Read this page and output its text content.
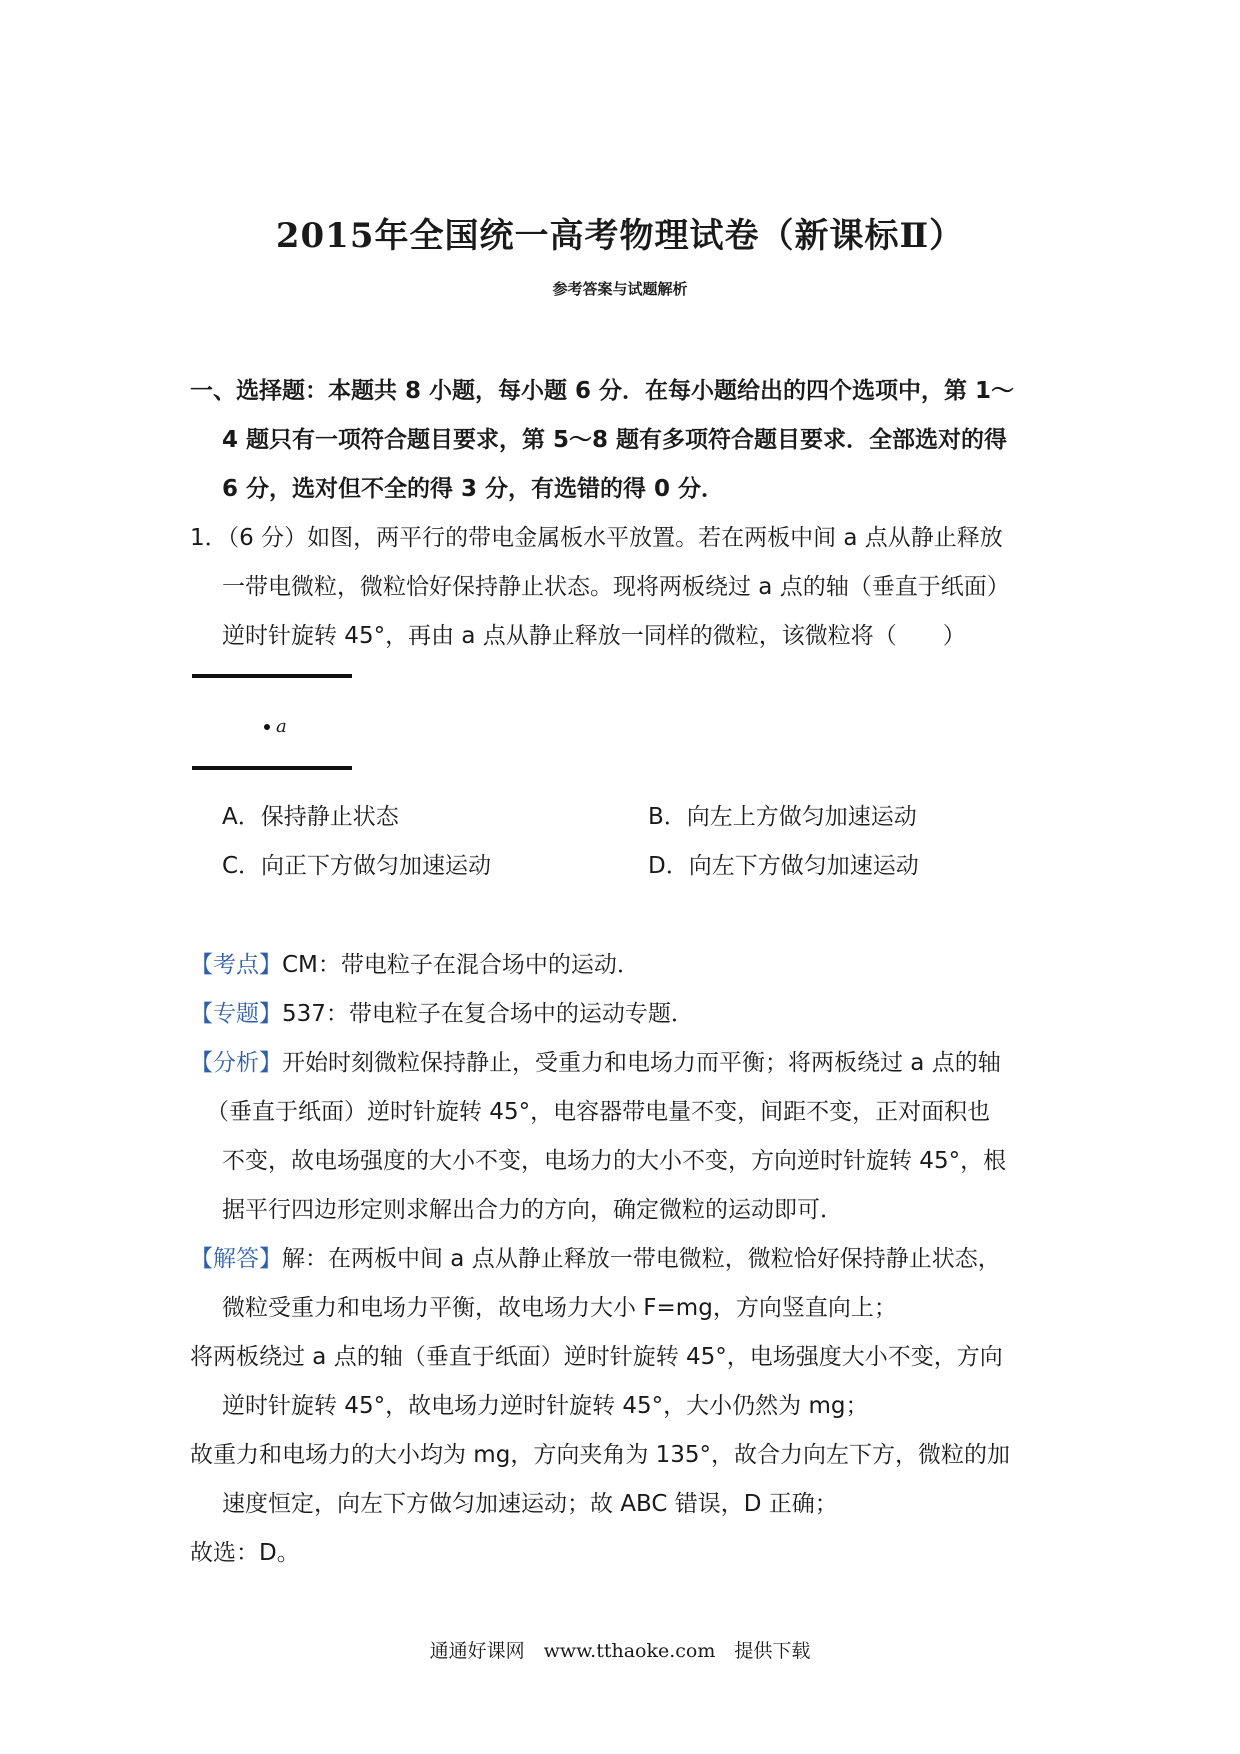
2015年全国统一高考物理试卷（新课标Ⅱ）
参考答案与试题解析
一、选择题：本题共 8 小题，每小题 6 分．在每小题给出的四个选项中，第 1～
4 题只有一项符合题目要求，第 5～8 题有多项符合题目要求．全部选对的得
6 分，选对但不全的得 3 分，有选错的得 0 分．
1．（6 分）如图，两平行的带电金属板水平放置。若在两板中间 a 点从静止释放
一带电微粒，微粒恰好保持静止状态。现将两板绕过 a 点的轴（垂直于纸面）
逆时针旋转 45°，再由 a 点从静止释放一同样的微粒，该微粒将（　　）
a
A．保持静止状态	B．向左上方做匀加速运动
C．向正下方做匀加速运动	D．向左下方做匀加速运动
【考点】CM：带电粒子在混合场中的运动．
【专题】537：带电粒子在复合场中的运动专题．
【分析】开始时刻微粒保持静止，受重力和电场力而平衡；将两板绕过 a 点的轴
（垂直于纸面）逆时针旋转 45°，电容器带电量不变，间距不变，正对面积也
不变，故电场强度的大小不变，电场力的大小不变，方向逆时针旋转 45°，根
据平行四边形定则求解出合力的方向，确定微粒的运动即可．
【解答】解：在两板中间 a 点从静止释放一带电微粒，微粒恰好保持静止状态，
微粒受重力和电场力平衡，故电场力大小 F=mg，方向竖直向上；
将两板绕过 a 点的轴（垂直于纸面）逆时针旋转 45°，电场强度大小不变，方向
逆时针旋转 45°，故电场力逆时针旋转 45°，大小仍然为 mg；
故重力和电场力的大小均为 mg，方向夹角为 135°，故合力向左下方，微粒的加
速度恒定，向左下方做匀加速运动；故 ABC 错误，D 正确；
故选：D。
通通好课网　www.tthaoke.com　提供下载
